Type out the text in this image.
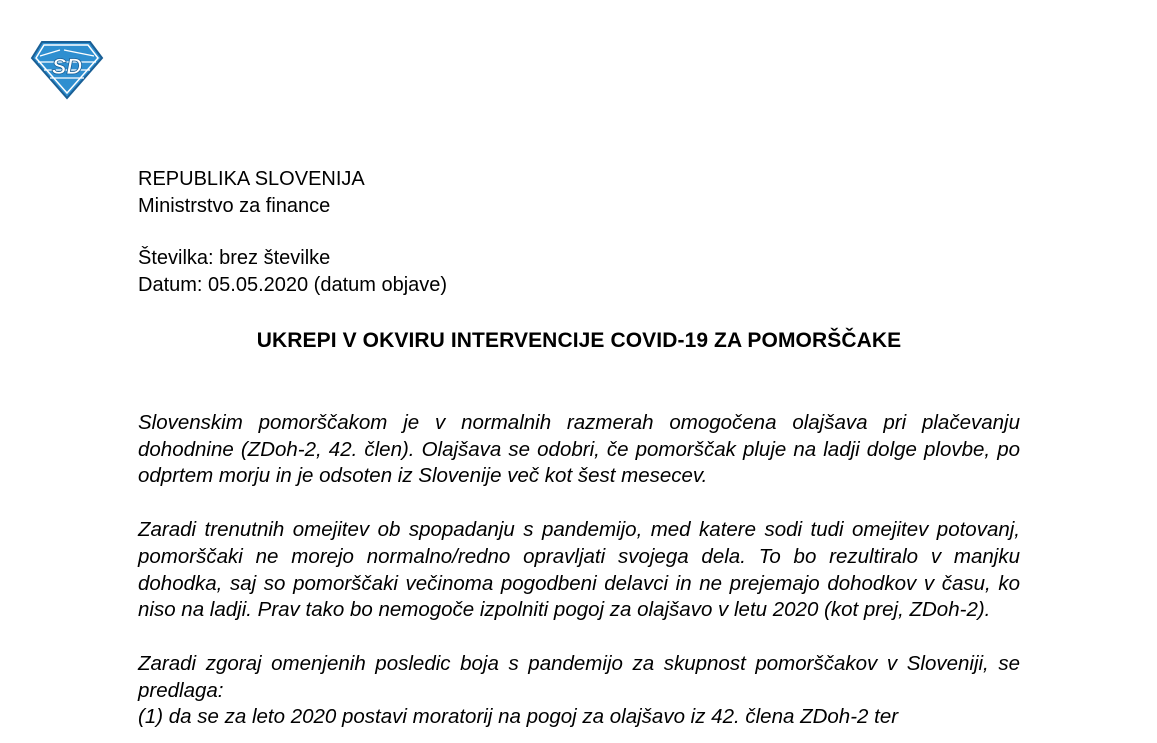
SD
REPUBLIKA SLOVENIJA
Ministrstvo za finance
Številka: brez številke
Datum: 05.05.2020 (datum objave)
UKREPI V OKVIRU INTERVENCIJE COVID-19 ZA POMORŠČAKE

Slovenskim pomorščakom je v normalnih razmerah omogočena olajšava pri plačevanju dohodnine (ZDoh-2, 42. člen). Olajšava se odobri, če pomorščak pluje na ladji dolge plovbe, po odprtem morju in je odsoten iz Slovenije več kot šest mesecev.

Zaradi trenutnih omejitev ob spopadanju s pandemijo, med katere sodi tudi omejitev potovanj, pomorščaki ne morejo normalno/redno opravljati svojega dela. To bo rezultiralo v manjku dohodka, saj so pomorščaki večinoma pogodbeni delavci in ne prejemajo dohodkov v času, ko niso na ladji. Prav tako bo nemogoče izpolniti pogoj za olajšavo v letu 2020 (kot prej, ZDoh-2).

Zaradi zgoraj omenjenih posledic boja s pandemijo za skupnost pomorščakov v Sloveniji, se predlaga:

(1) da se za leto 2020 postavi moratorij na pogoj za olajšavo iz 42. člena ZDoh-2 ter
